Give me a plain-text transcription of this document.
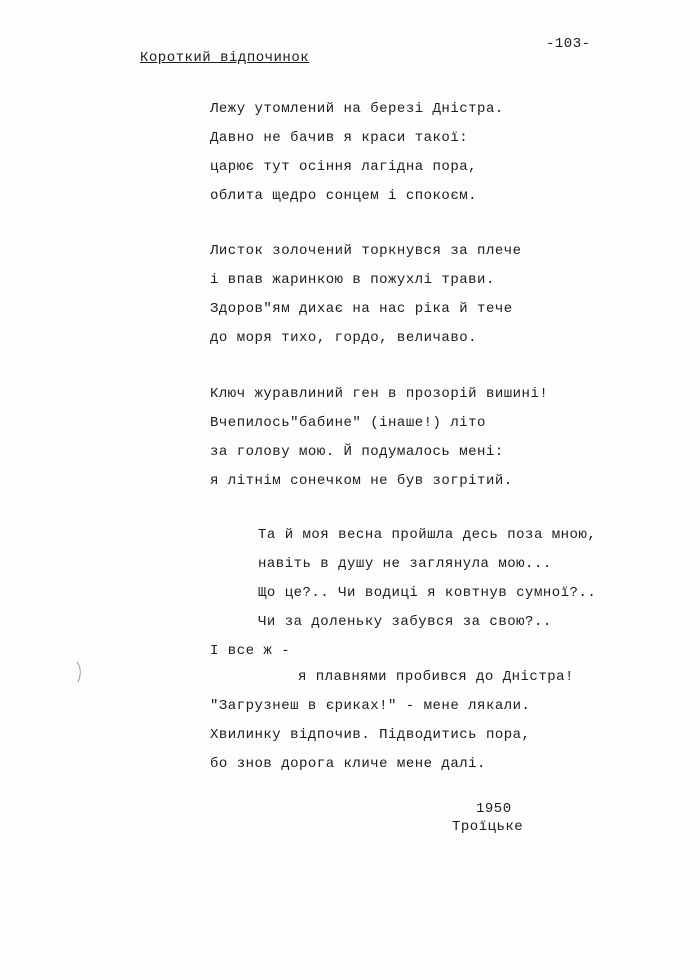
Короткий відпочинок
-103-
Лежу утомлений на березі Дністра.
Давно не бачив я краси такої:
царює тут осіння лагідна пора,
облита щедро сонцем і спокоєм.
Листок золочений торкнувся за плече
і впав жаринкою в пожухлі трави.
Здоров"ям дихає на нас ріка й тече
до моря тихо, гордо, величаво.
Ключ журавлиний ген в прозорій вишині!
Вчепилось"бабине" (інаше!) літо
за голову мою. Й подумалось мені:
я літнім сонечком не був зогрітий.
Та й моя весна пройшла десь поза мною,
навіть в душу не заглянула мою...
Що це?.. Чи водиці я ковтнув сумної?..
Чи за доленьку забувся за свою?..
І все ж -
я плавнями пробився до Дністра!
"Загрузнеш в єриках!" - мене лякали.
Хвилинку відпочив. Підводитись пора,
бо знов дорога кличе мене далі.
1950
Троїцьке
